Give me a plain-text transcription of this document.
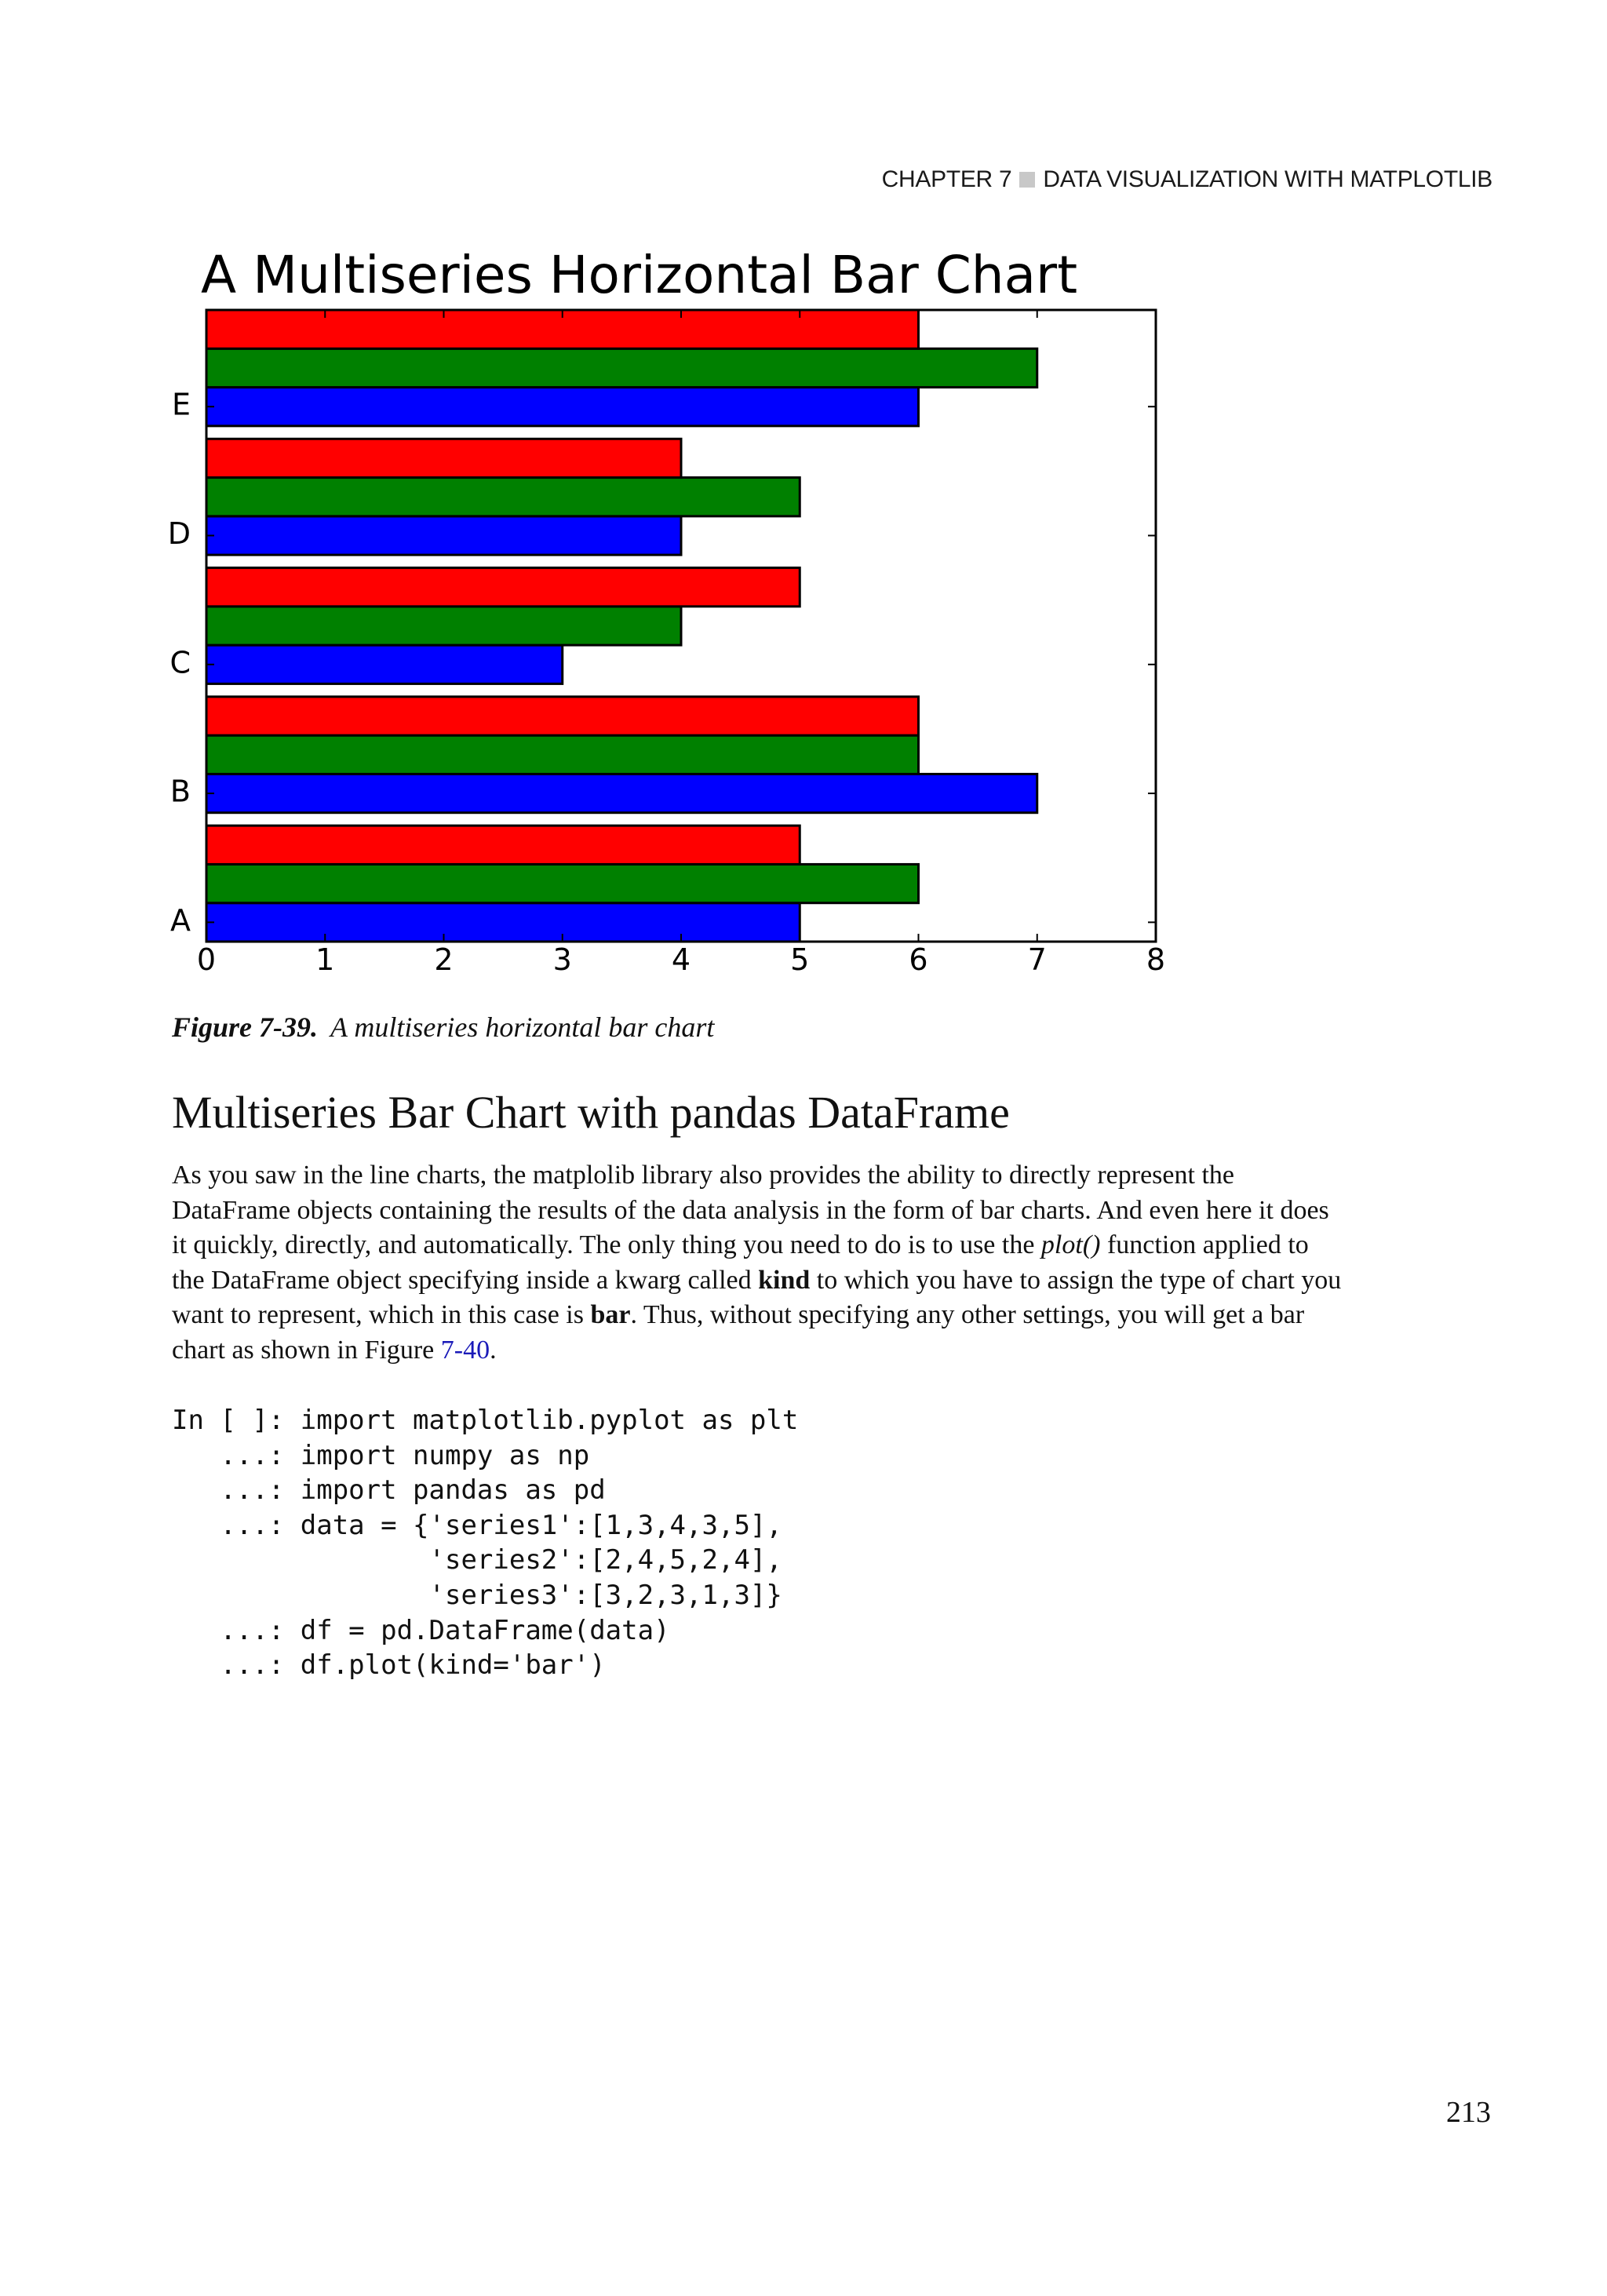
CHAPTER 7 DATA VISUALIZATION WITH MATPLOTLIB
A Multiseries Horizontal Bar Chart
0	1	2	3	4	5	6	7	8
A
B
C
D
E
Figure 7-39. A multiseries horizontal bar chart
Multiseries Bar Chart with pandas DataFrame
As you saw in the line charts, the matplolib library also provides the ability to directly represent the
DataFrame objects containing the results of the data analysis in the form of bar charts. And even here it does
it quickly, directly, and automatically. The only thing you need to do is to use the plot() function applied to
the DataFrame object specifying inside a kwarg called kind to which you have to assign the type of chart you
want to represent, which in this case is bar. Thus, without specifying any other settings, you will get a bar
chart as shown in Figure 7-40.
In [ ]: import matplotlib.pyplot as plt
...: import numpy as np
...: import pandas as pd
...: data = {'series1':[1,3,4,3,5],
'series2':[2,4,5,2,4],
'series3':[3,2,3,1,3]}
...: df = pd.DataFrame(data)
...: df.plot(kind='bar')
213
